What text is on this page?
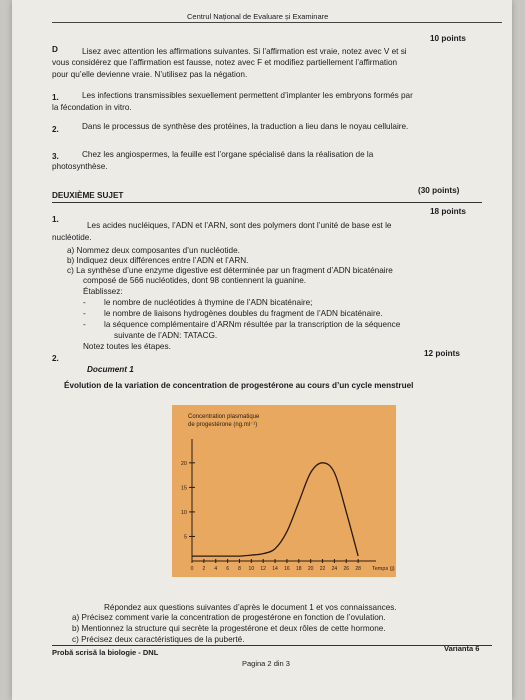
Centrul Național de Evaluare și Examinare
10 points
D	Lisez avec attention les affirmations suivantes. Si l’affirmation est vraie, notez avec V et si
vous considérez que l’affirmation est fausse, notez avec F et modifiez partiellement l’affirmation
pour qu’elle devienne vraie. N’utilisez pas la négation.
1.	Les infections transmissibles sexuellement permettent d’implanter les embryons formés par
la fécondation in vitro.
2.	Dans le processus de synthèse des protéines, la traduction a lieu dans le noyau cellulaire.
3.	Chez les angiospermes, la feuille est l’organe spécialisé dans la réalisation de la
photosynthèse.
DEUXIÈME SUJET
(30 points)
18 points
1.
Les acides nucléiques, l’ADN et l’ARN, sont des polymers dont l’unité de base est le
nucléotide.
a) Nommez deux composantes d’un nucléotide.
b) Indiquez deux différences entre l’ADN et l’ARN.
c) La synthèse d’une enzyme digestive est déterminée par un fragment d’ADN bicaténaire
composé de 566 nucléotides, dont 98 contiennent la guanine.
Établissez:
- le nombre de nucléotides à thymine de l’ADN bicaténaire;
- le nombre de liaisons hydrogènes doubles du fragment de l’ADN bicaténaire.
- la séquence complémentaire d’ARNm résultée par la transcription de la séquence
suivante de l’ADN: TATACG.
Notez toutes les étapes.
12 points
2.
Document 1
Évolution de la variation de concentration de progestérone au cours d’un cycle menstruel
Concentration plasmatique
de progestérone (ng.ml⁻¹)
5
10
15
20
0 2 4 6 8 10 12 14 16 18 20 22 24 26 28 Temps (j)
Répondez aux questions suivantes d’après le document 1 et vos connaissances.
a) Précisez comment varie la concentration de progestérone en fonction de l’ovulation.
b) Mentionnez la structure qui secrète la progestérone et deux rôles de cette hormone.
c) Précisez deux caractéristiques de la puberté.
Probă scrisă la biologie - DNL	Varianta 6
Pagina 2 din 3
